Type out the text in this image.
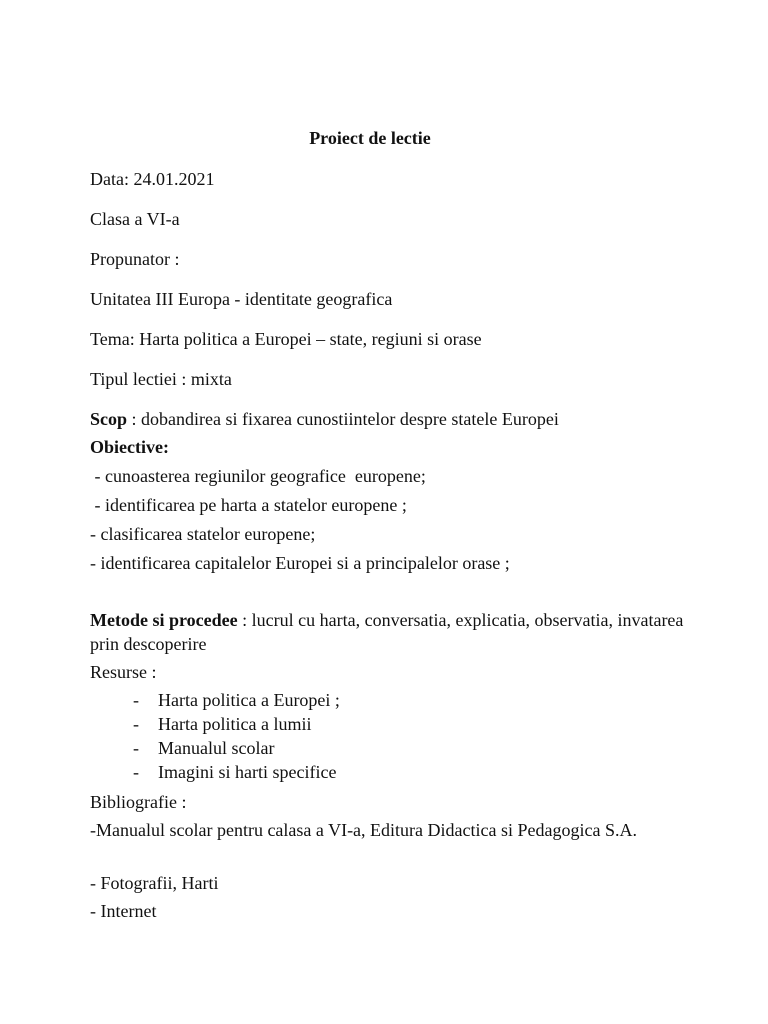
Proiect de lectie
Data: 24.01.2021
Clasa a VI-a
Propunator :
Unitatea III Europa - identitate geografica
Tema: Harta politica a Europei – state, regiuni si orase
Tipul lectiei : mixta
Scop : dobandirea si fixarea cunostiintelor despre statele Europei
Obiective:
- cunoasterea regiunilor geografice  europene;
- identificarea pe harta a statelor europene ;
- clasificarea statelor europene;
- identificarea capitalelor Europei si a principalelor orase ;
Metode si procedee : lucrul cu harta, conversatia, explicatia, observatia, invatarea prin descoperire
Resurse :
- Harta politica a Europei ;
- Harta politica a lumii
- Manualul scolar
- Imagini si harti specifice
Bibliografie :
-Manualul scolar pentru calasa a VI-a, Editura Didactica si Pedagogica S.A.
- Fotografii, Harti
- Internet
